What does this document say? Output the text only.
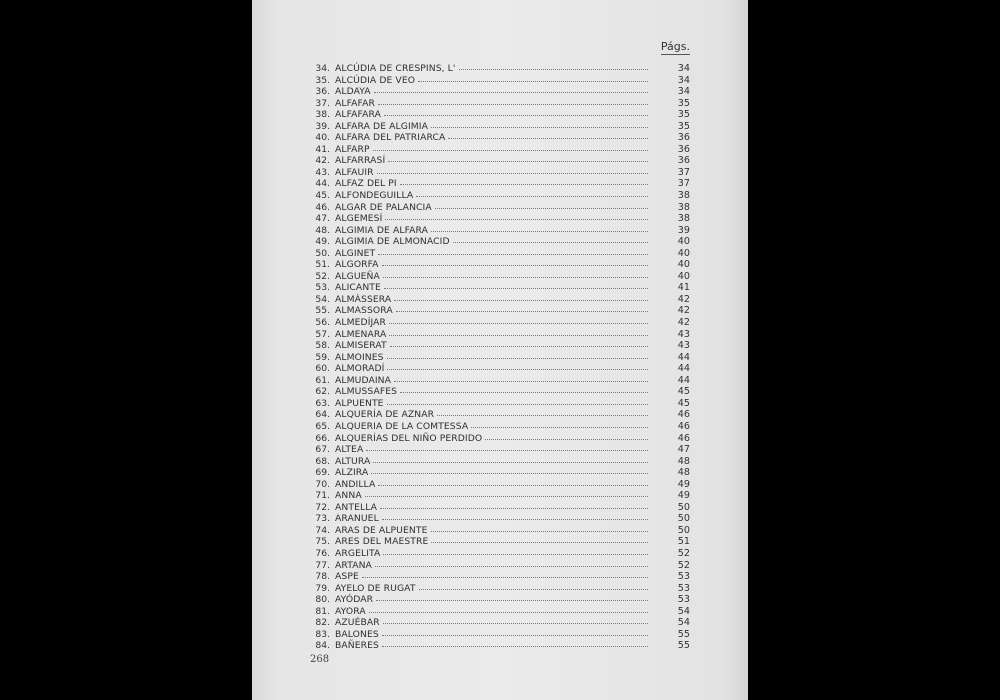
Págs.
34. ALCÚDIA DE CRESPINS, L'	34
35. ALCÚDIA DE VEO	34
36. ALDAYA	34
37. ALFAFAR	35
38. ALFAFARA	35
39. ALFARA DE ALGIMIA	35
40. ALFARA DEL PATRIARCA	36
41. ALFARP	36
42. ALFARRASÍ	36
43. ALFAUIR	37
44. ALFAZ DEL PI	37
45. ALFONDEGUILLA	38
46. ALGAR DE PALANCIA	38
47. ALGEMESÍ	38
48. ALGIMIA DE ALFARA	39
49. ALGIMIA DE ALMONACID	40
50. ALGINET	40
51. ALGORFA	40
52. ALGUEÑA	40
53. ALICANTE	41
54. ALMÀSSERA	42
55. ALMASSORA	42
56. ALMEDÍJAR	42
57. ALMENARA	43
58. ALMISERAT	43
59. ALMOINES	44
60. ALMORADÍ	44
61. ALMUDAINA	44
62. ALMUSSAFES	45
63. ALPUENTE	45
64. ALQUERÍA DE AZNAR	46
65. ALQUERIA DE LA COMTESSA	46
66. ALQUERÍAS DEL NIÑO PERDIDO	46
67. ALTEA	47
68. ALTURA	48
69. ALZIRA	48
70. ANDILLA	49
71. ANNA	49
72. ANTELLA	50
73. ARANUEL	50
74. ARAS DE ALPUENTE	50
75. ARES DEL MAESTRE	51
76. ARGELITA	52
77. ARTANA	52
78. ASPE	53
79. AYELO DE RUGAT	53
80. AYÓDAR	53
81. AYORA	54
82. AZUÉBAR	54
83. BALONES	55
84. BAÑERES	55
268
